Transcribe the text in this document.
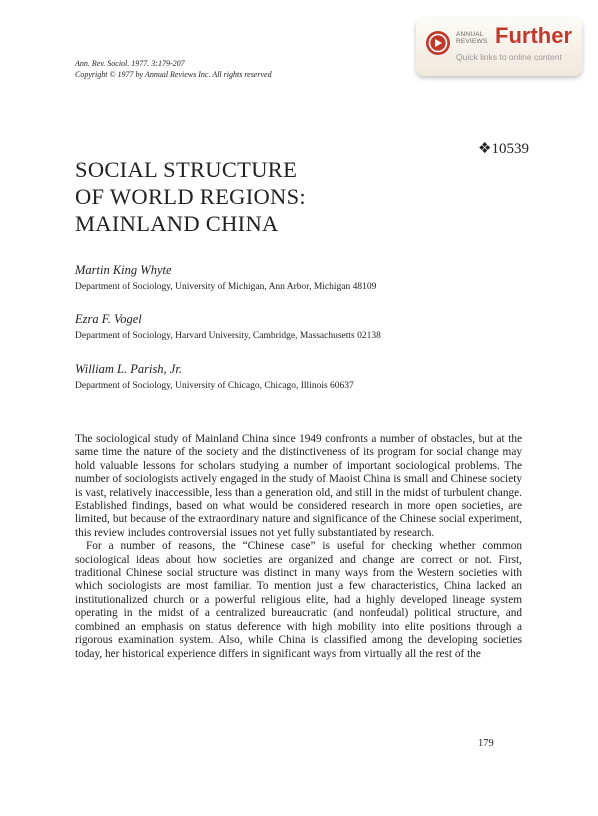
Ann. Rev. Sociol. 1977. 3:179-207
Copyright © 1977 by Annual Reviews Inc. All rights reserved
ANNUAL
REVIEWS Further
Quick links to online content
❖10539
SOCIAL STRUCTURE
OF WORLD REGIONS:
MAINLAND CHINA
Martin King Whyte
Department of Sociology, University of Michigan, Ann Arbor, Michigan 48109
Ezra F. Vogel
Department of Sociology, Harvard University, Cambridge, Massachusetts 02138
William L. Parish, Jr.
Department of Sociology, University of Chicago, Chicago, Illinois 60637

The sociological study of Mainland China since 1949 confronts a number of obstacles, but at the same time the nature of the society and the distinctiveness of its program for social change may hold valuable lessons for scholars studying a number of important sociological problems. The number of sociologists actively engaged in the study of Maoist China is small and Chinese society is vast, relatively inaccessible, less than a generation old, and still in the midst of turbulent change. Established findings, based on what would be considered research in more open societies, are limited, but because of the extraordinary nature and significance of the Chinese social experiment, this review includes controversial issues not yet fully substantiated by research.

For a number of reasons, the “Chinese case” is useful for checking whether common sociological ideas about how societies are organized and change are correct or not. First, traditional Chinese social structure was distinct in many ways from the Western societies with which sociologists are most familiar. To mention just a few characteristics, China lacked an institutionalized church or a powerful religious elite, had a highly developed lineage system operating in the midst of a centralized bureaucratic (and nonfeudal) political structure, and combined an emphasis on status deference with high mobility into elite positions through a rigorous examination system. Also, while China is classified among the developing societies today, her historical experience differs in significant ways from virtually all the rest of the

179
